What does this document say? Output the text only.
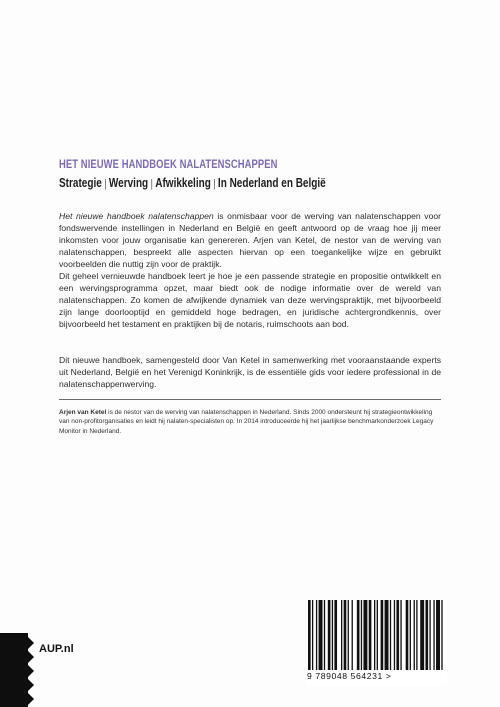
HET NIEUWE HANDBOEK NALATENSCHAPPEN
Strategie | Werving | Afwikkeling | In Nederland en België
Het nieuwe handboek nalatenschappen is onmisbaar voor de werving van nalatenschappen voor fondswervende instellingen in Nederland en België en geeft antwoord op de vraag hoe jij meer inkomsten voor jouw organisatie kan genereren. Arjen van Ketel, de nestor van de werving van nalatenschappen, bespreekt alle aspecten hiervan op een toegankelijke wijze en gebruikt voorbeelden die nuttig zijn voor de praktijk.
Dit geheel vernieuwde handboek leert je hoe je een passende strategie en propositie ontwikkelt en een wervingsprogramma opzet, maar biedt ook de nodige informatie over de wereld van nalatenschappen. Zo komen de afwijkende dynamiek van deze wervingspraktijk, met bijvoorbeeld zijn lange doorlooptijd en gemiddeld hoge bedragen, en juridische achtergrondkennis, over bijvoorbeeld het testament en praktijken bij de notaris, ruimschoots aan bod.
Dit nieuwe handboek, samengesteld door Van Ketel in samenwerking met vooraanstaande experts uit Nederland, België en het Verenigd Koninkrijk, is de essentiële gids voor iedere professional in de nalatenschappenwerving.
Arjen van Ketel is de nestor van de werving van nalatenschappen in Nederland. Sinds 2000 ondersteunt hij strategieontwikkeling van non-profitorganisaties en leidt hij nalaten-specialisten op. In 2014 introduceerde hij het jaarlijkse benchmarkonderzoek Legacy Monitor in Nederland.
AUP.nl
9 789048 564231 >
